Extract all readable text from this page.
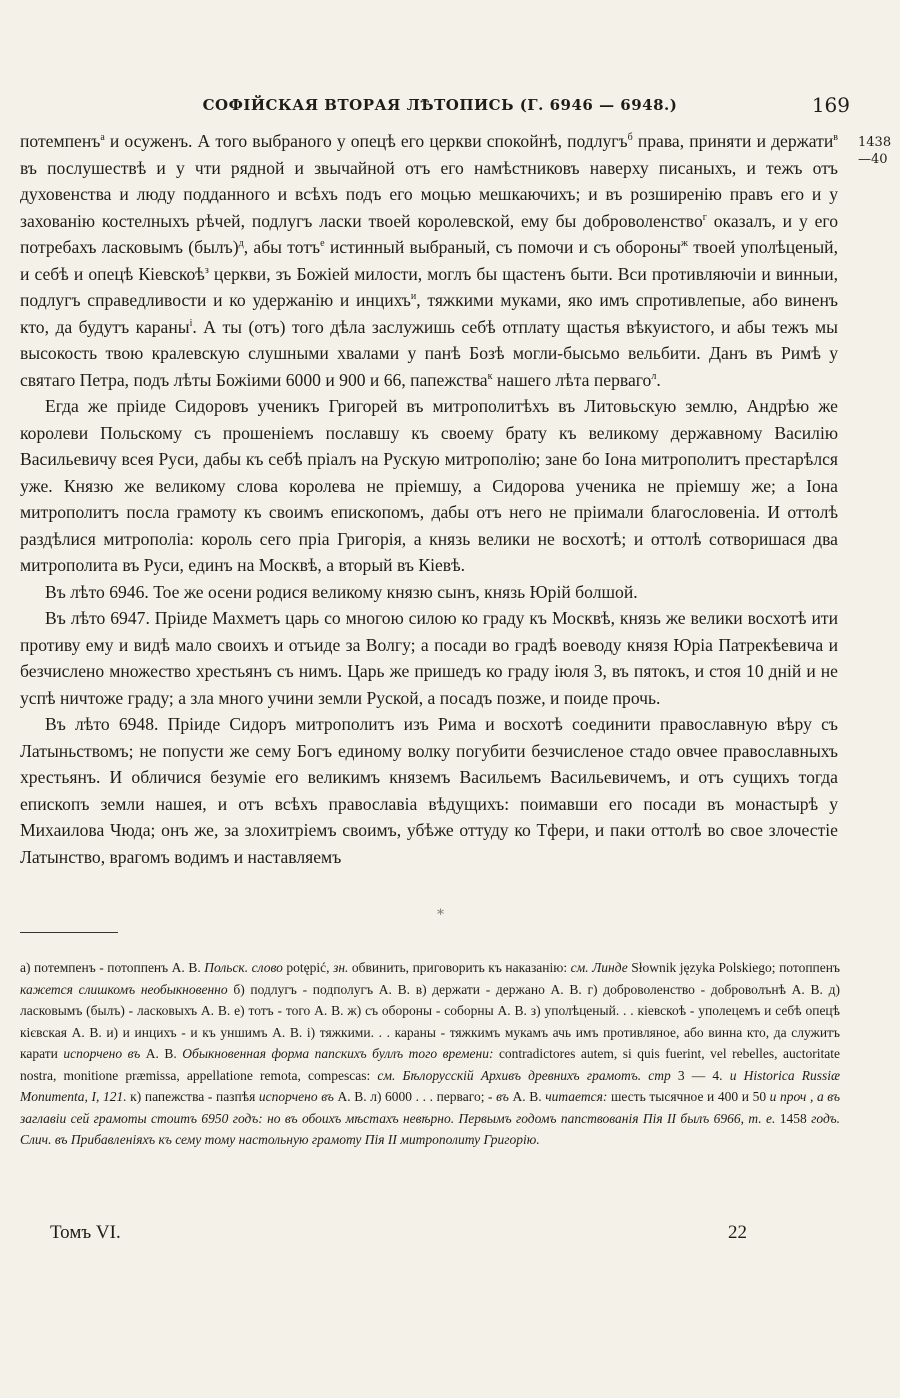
СОФІЙСКАЯ ВТОРАЯ ЛѢТОПИСЬ (Г. 6946 — 6948.)	169
1438
—40

потемпенъ$^а$ и осуженъ. А того выбраного у опецѣ его церкви спокойнѣ, подлугъ$^б$ права, приняти и держати$^в$ въ послушествѣ и у чти рядной и звычайной отъ его намѣстниковъ наверху писаныхъ, и тежъ отъ духовенства и люду подданного и всѣхъ подъ его моцью мешкаючихъ; и въ розширенію правъ его и у захованію костелныхъ рѣчей, подлугъ ласки твоей королевской, ему бы доброволенство$^г$ оказалъ, и у его потребахъ ласковымъ (былъ)$^д$, абы тотъ$^е$ истинный выбраный, съ помочи и съ обороны$^ж$ твоей уполѣценый, и себѣ и опецѣ Кіевскоѣ$^з$ церкви, зъ Божіей милости, моглъ бы щастенъ быти. Вси противляючіи и винныи, подлугъ справедливости и ко удержанію и инцихъ$^и$, тяжкими муками, яко имъ спротивлепые, або виненъ кто, да будутъ караны$^і$. А ты (отъ) того дѣла заслужишь себѣ отплату щастья вѣкуистого, и абы тежъ мы высокость твою кралевскую слушными хвалами у панѣ Бозѣ могли-бысьмо вельбити. Данъ въ Римѣ у святаго Петра, подъ лѣты Божіими 6000 и 900 и 66, папежства$^к$ нашего лѣта перваго$^л$.

Егда же пріиде Сидоровъ ученикъ Григорей въ митрополитѣхъ въ Литовьскую землю, Андрѣю же королеви Польскому съ прошеніемъ пославшу къ своему брату къ великому державному Василію Васильевичу всея Руси, дабы къ себѣ пріалъ на Рускую митрополію; зане бо Іона митрополитъ престарѣлся уже. Князю же великому слова королева не пріемшу, а Сидорова ученика не пріемшу же; а Іона митрополитъ посла грамоту къ своимъ епископомъ, дабы отъ него не пріимали благословеніа. И оттолѣ раздѣлися митрополіа: король сего пріа Григорія, а князь велики не восхотѣ; и оттолѣ сотворишася два митрополита въ Руси, единъ на Москвѣ, а вторый въ Кіевѣ.

Въ лѣто 6946. Тое же осени родися великому князю сынъ, князь Юрій болшой.

Въ лѣто 6947. Пріиде Махметъ царь со многою силою ко граду къ Москвѣ, князь же велики восхотѣ ити противу ему и видѣ мало своихъ и отъиде за Волгу; а посади во градѣ воеводу князя Юріа Патрекѣевича и безчислено множество хрестьянъ съ нимъ. Царь же пришедъ ко граду іюля 3, въ пятокъ, и стоя 10 днiй и не успѣ ничтоже граду; а зла много учини земли Руской, а посадъ позже, и поиде прочь.

Въ лѣто 6948. Пріиде Сидоръ митрополитъ изъ Рима и восхотѣ соединити православную вѣру съ Латыньствомъ; не попусти же сему Богъ единому волку погубити безчисленое стадо овчее православныхъ хрестьянъ. И обличися безуміе его великимъ княземъ Васильемъ Васильевичемъ, и отъ сущихъ тогда епископъ земли нашея, и отъ всѣхъ православіа вѣдущихъ: поимавши его посади въ монастырѣ у Михаилова Чюда; онъ же, за злохитріемъ своимъ, убѣже оттуду ко Тфери, и паки оттолѣ во свое злочестіе Латынство, врагомъ водимъ и наставляемъ

*
а) потемпенъ - потоппенъ А. В. Польск. слово potępić, зн. обвинить, приговорить къ наказанію: см. Линде Słownik języka Polskiego; потоппенъ кажется слишкомъ необыкновенно б) подлугъ - подполугъ А. В. в) держати - держано А. В. г) доброволенство - доброволънѣ А. В. д) ласковымъ (былъ) - ласковыхъ А. В. е) тотъ - того А. В. ж) съ обороны - соборны А. В. з) уполѣценый. . . кіевскоѣ - уполецемъ и себѣ опецѣ кієвская А. В. и) и инцихъ - и къ уншимъ А. В. і) тяжкими. . . караны - тяжкимъ мукамъ ачь имъ противляное, або винна кто, да служитъ карати испорчено въ А. В. Обыкновенная форма папскихъ буллъ того времени: contradictores autem, si quis fuerint, vel rebelles, auctoritate nostra, monitione præmissa, appellatione remota, compescas: см. Бѣлорусскій Архивъ древнихъ грамотъ. стр 3 — 4. и Historica Russiæ Monumenta, I, 121. к) папежства - пазпѣя испорчено въ А. В. л) 6000 . . . перваго; - въ А. В. читается: шесть тысячное и 400 и 50 и проч , а въ заглавіи сей грамоты стоитъ 6950 годъ: но въ обоихъ мѣстахъ невѣрно. Первымъ годомъ папствованія Пія II былъ 6966, т. е. 1458 годъ. Слич. въ Прибавленіяхъ къ сему тому настольную грамоту Пія II митрополиту Григорію.
Томъ VI.	22
